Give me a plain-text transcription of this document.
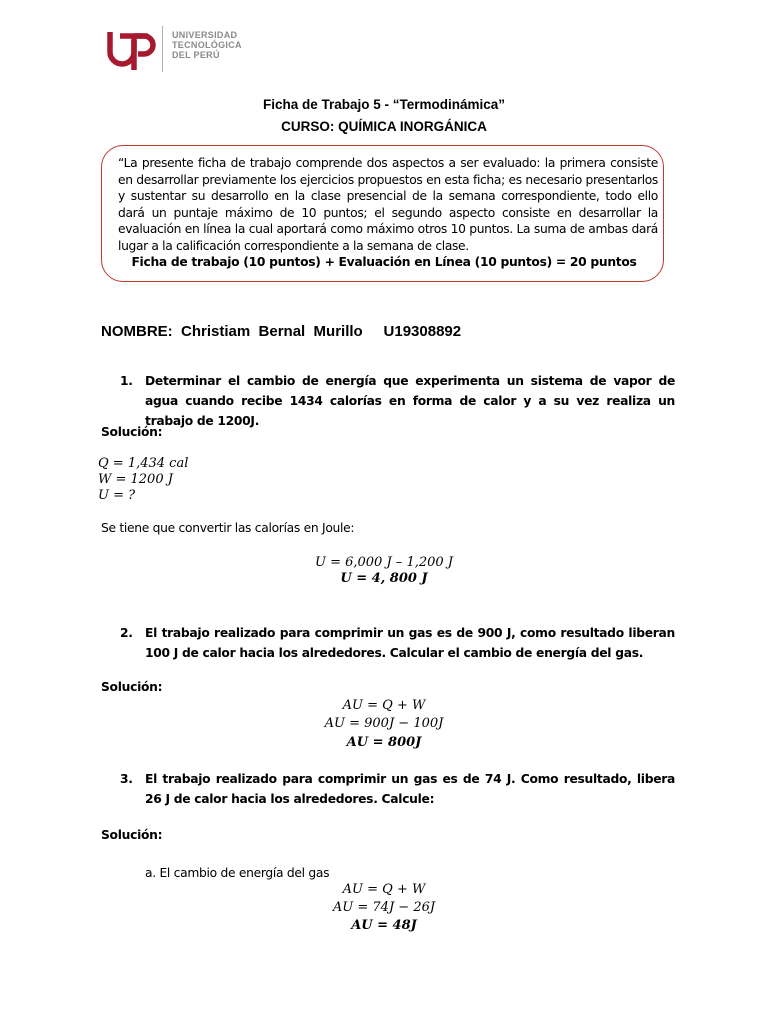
UNIVERSIDAD
TECNOLÓGICA
DEL PERÚ
Ficha de Trabajo 5 - “Termodinámica”
CURSO: QUÍMICA INORGÁNICA
“La presente ficha de trabajo comprende dos aspectos a ser evaluado: la primera consiste en desarrollar previamente los ejercicios propuestos en esta ficha; es necesario presentarlos y sustentar su desarrollo en la clase presencial de la semana correspondiente, todo ello dará un puntaje máximo de 10 puntos; el segundo aspecto consiste en desarrollar la evaluación en línea la cual aportará como máximo otros 10 puntos. La suma de ambas dará lugar a la calificación correspondiente a la semana de clase.
Ficha de trabajo (10 puntos) + Evaluación en Línea (10 puntos) = 20 puntos
NOMBRE:  Christiam  Bernal  Murillo     U19308892
1. Determinar el cambio de energía que experimenta un sistema de vapor de agua cuando recibe 1434 calorías en forma de calor y a su vez realiza un trabajo de 1200J.
Solución:
Q = 1,434 cal
W = 1200 J
U = ?
Se tiene que convertir las calorías en Joule:
U = 6,000 J – 1,200 J
U = 4, 800 J
2. El trabajo realizado para comprimir un gas es de 900 J, como resultado liberan 100 J de calor hacia los alrededores. Calcular el cambio de energía del gas.
Solución:
AU = Q + W
AU = 900J − 100J
AU = 800J
3. El trabajo realizado para comprimir un gas es de 74 J. Como resultado, libera 26 J de calor hacia los alrededores. Calcule:
Solución:
a. El cambio de energía del gas
AU = Q + W
AU = 74J − 26J
AU = 48J
